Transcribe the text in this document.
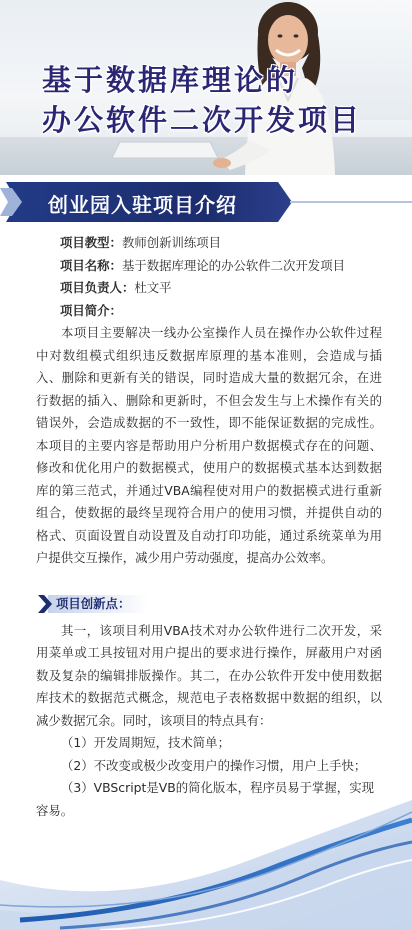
基于数据库理论的
办公软件二次开发项目
创业园入驻项目介绍
项目教型：教师创新训练项目
项目名称：基于数据库理论的办公软件二次开发项目
项目负责人：杜文平
项目简介：

本项目主要解决一线办公室操作人员在操作办公软件过程中对数组模式组织违反数据库原理的基本准则，会造成与插入、删除和更新有关的错误，同时造成大量的数据冗余，在进行数据的插入、删除和更新时，不但会发生与上术操作有关的错误外，会造成数据的不一致性，即不能保证数据的完成性。本项目的主要内容是帮助用户分析用户数据模式存在的问题、修改和优化用户的数据模式，使用户的数据模式基本达到数据库的第三范式，并通过VBA编程使对用户的数据模式进行重新组合，使数据的最终呈现符合用户的使用习惯，并提供自动的格式、页面设置自动设置及自动打印功能，通过系统菜单为用户提供交互操作，减少用户劳动强度，提高办公效率。

项目创新点：

其一，该项目利用VBA技术对办公软件进行二次开发，采用菜单或工具按钮对用户提出的要求进行操作，屏蔽用户对函数及复杂的编辑排版操作。其二，在办公软件开发中使用数据库技术的数据范式概念，规范电子表格数据中数据的组织，以减少数据冗余。同时，该项目的特点具有：

（1）开发周期短，技术简单；
（2）不改变或极少改变用户的操作习惯，用户上手快；
（3）VBScript是VB的简化版本，程序员易于掌握，实现容易。
